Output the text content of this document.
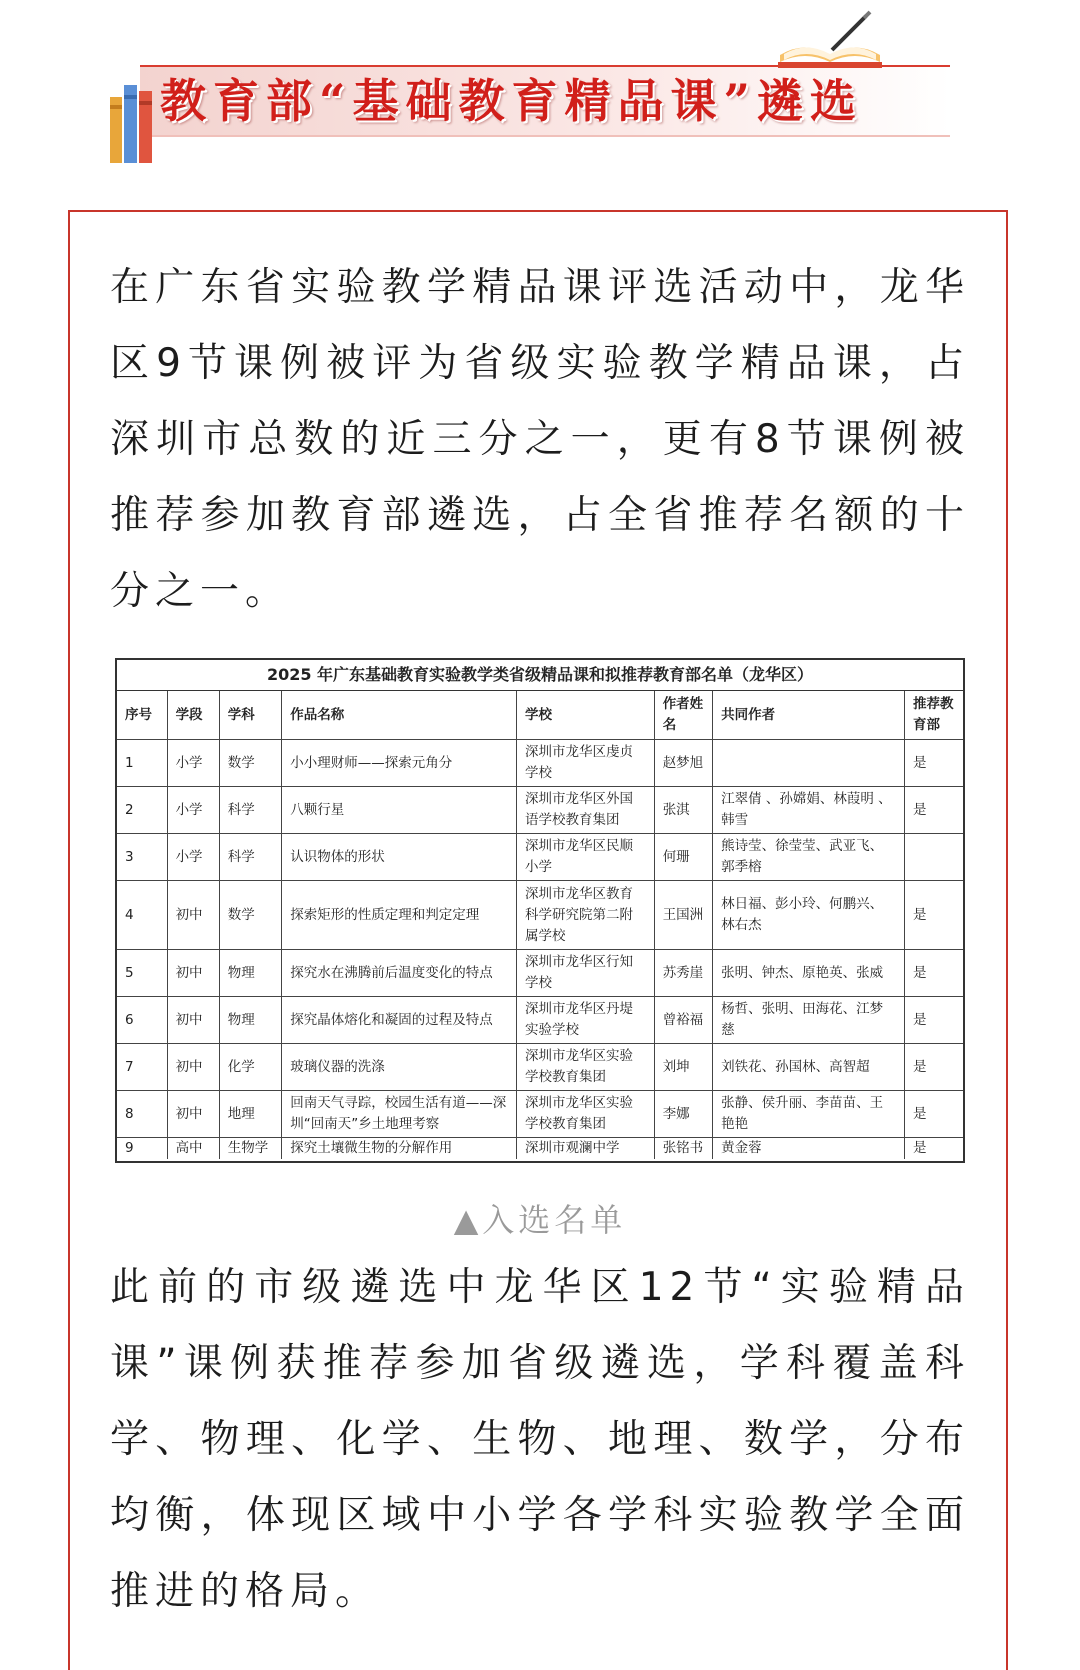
教育部“基础教育精品课”遴选

在广东省实验教学精品课评选活动中，龙华区9节课例被评为省级实验教学精品课，占深圳市总数的近三分之一，更有8节课例被推荐参加教育部遴选，占全省推荐名额的十分之一。

2025 年广东基础教育实验教学类省级精品课和拟推荐教育部名单（龙华区）
序号	学段	学科	作品名称	学校	作者姓名	共同作者	推荐教育部
1	小学	数学	小小理财师——探索元角分	深圳市龙华区虔贞学校	赵梦旭		是
2	小学	科学	八颗行星	深圳市龙华区外国语学校教育集团	张淇	江翠倩 、孙嫦娟、林葭明 、韩雪	是
3	小学	科学	认识物体的形状	深圳市龙华区民顺小学	何珊	熊诗莹、徐莹莹、武亚飞、郭季榕	
4	初中	数学	探索矩形的性质定理和判定定理	深圳市龙华区教育科学研究院第二附属学校	王国洲	林日福、彭小玲、何鹏兴、林右杰	是
5	初中	物理	探究水在沸腾前后温度变化的特点	深圳市龙华区行知学校	苏秀崖	张明、钟杰、原艳英、张威	是
6	初中	物理	探究晶体熔化和凝固的过程及特点	深圳市龙华区丹堤实验学校	曾裕福	杨哲、张明、田海花、江梦慈	是
7	初中	化学	玻璃仪器的洗涤	深圳市龙华区实验学校教育集团	刘坤	刘铁花、孙国林、高智超	是
8	初中	地理	回南天气寻踪，校园生活有道——深圳“回南天”乡土地理考察	深圳市龙华区实验学校教育集团	李娜	张静、侯升丽、李苗苗、王艳艳	是
9	高中	生物学	探究土壤微生物的分解作用	深圳市观澜中学	张铭书	黄金蓉	是
▲入选名单

此前的市级遴选中龙华区12节“实验精品课”课例获推荐参加省级遴选，学科覆盖科学、物理、化学、生物、地理、数学，分布均衡，体现区域中小学各学科实验教学全面推进的格局。
